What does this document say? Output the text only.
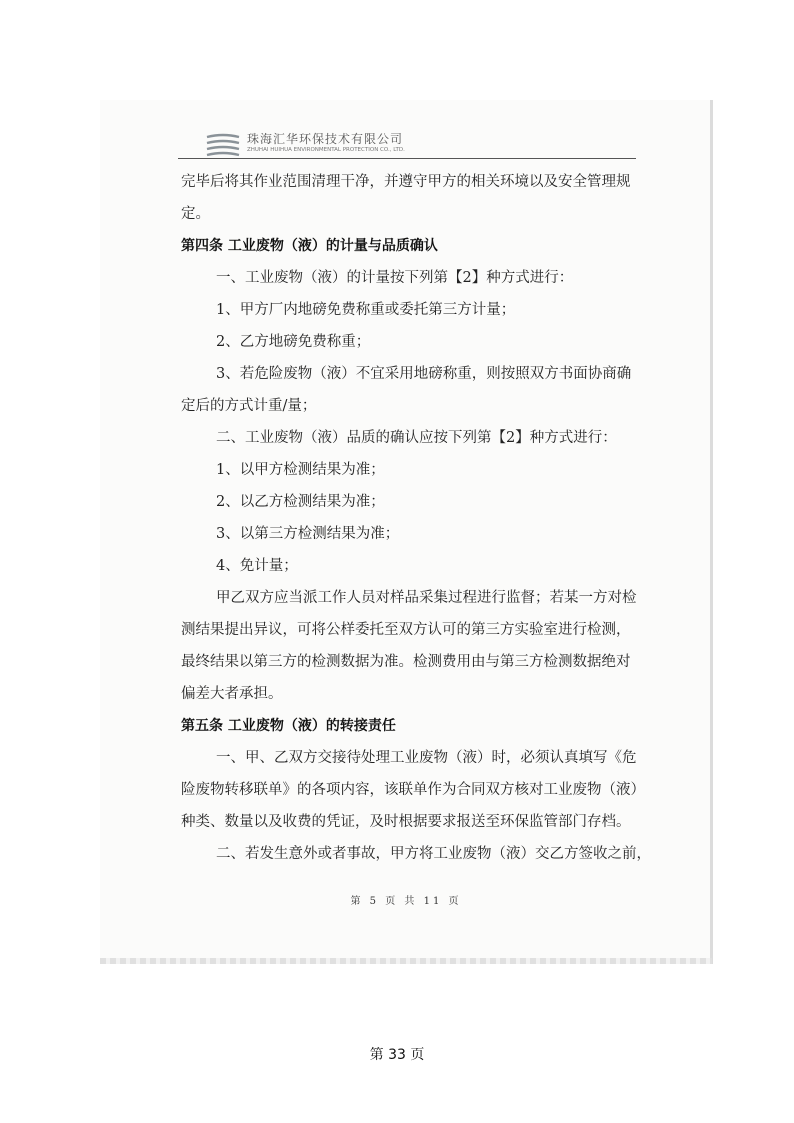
珠海汇华环保技术有限公司
ZHUHAI HUIHUA ENVIRONMENTAL PROTECTION CO., LTD.
完毕后将其作业范围清理干净，并遵守甲方的相关环境以及安全管理规
定。
第四条 工业废物（液）的计量与品质确认
一、工业废物（液）的计量按下列第【2】种方式进行：
1、甲方厂内地磅免费称重或委托第三方计量；
2、乙方地磅免费称重；
3、若危险废物（液）不宜采用地磅称重，则按照双方书面协商确
定后的方式计重/量；
二、工业废物（液）品质的确认应按下列第【2】种方式进行：
1、以甲方检测结果为准；
2、以乙方检测结果为准；
3、以第三方检测结果为准；
4、免计量；
甲乙双方应当派工作人员对样品采集过程进行监督；若某一方对检
测结果提出异议，可将公样委托至双方认可的第三方实验室进行检测，
最终结果以第三方的检测数据为准。检测费用由与第三方检测数据绝对
偏差大者承担。
第五条 工业废物（液）的转接责任
一、甲、乙双方交接待处理工业废物（液）时，必须认真填写《危
险废物转移联单》的各项内容，该联单作为合同双方核对工业废物（液）
种类、数量以及收费的凭证，及时根据要求报送至环保监管部门存档。
二、若发生意外或者事故，甲方将工业废物（液）交乙方签收之前，
第 5 页 共 11 页
第 33 页
